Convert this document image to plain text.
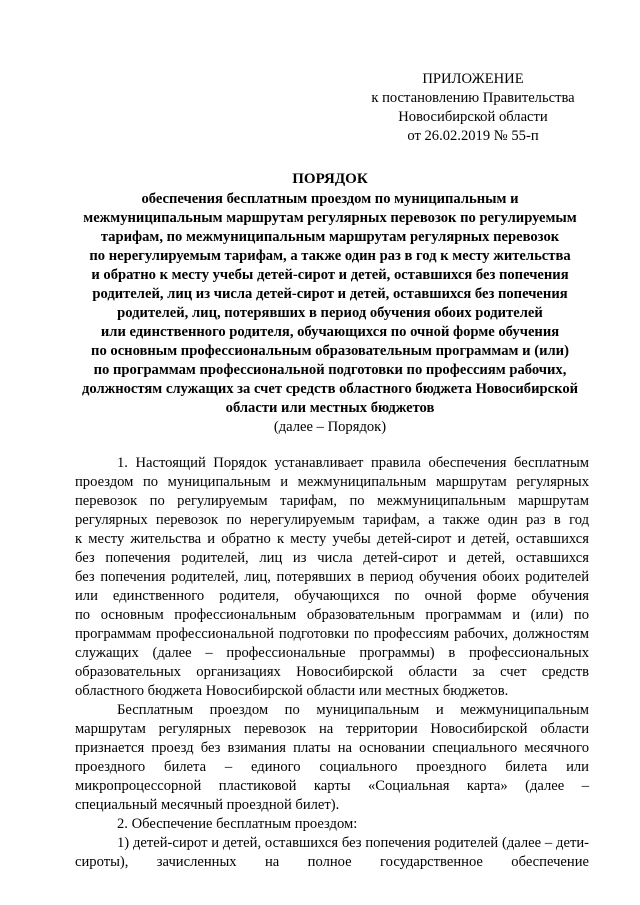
ПРИЛОЖЕНИЕ
к постановлению Правительства
Новосибирской области
от 26.02.2019 № 55-п
ПОРЯДОК
обеспечения бесплатным проездом по муниципальным и
межмуниципальным маршрутам регулярных перевозок по регулируемым
тарифам, по межмуниципальным маршрутам регулярных перевозок
по нерегулируемым тарифам, а также один раз в год к месту жительства
и обратно к месту учебы детей-сирот и детей, оставшихся без попечения
родителей, лиц из числа детей-сирот и детей, оставшихся без попечения
родителей, лиц, потерявших в период обучения обоих родителей
или единственного родителя, обучающихся по очной форме обучения
по основным профессиональным образовательным программам и (или)
по программам профессиональной подготовки по профессиям рабочих,
должностям служащих за счет средств областного бюджета Новосибирской
области или местных бюджетов
(далее – Порядок)
1. Настоящий Порядок устанавливает правила обеспечения бесплатным
проездом по муниципальным и межмуниципальным маршрутам регулярных
перевозок по регулируемым тарифам, по межмуниципальным маршрутам
регулярных перевозок по нерегулируемым тарифам, а также один раз в год
к месту жительства и обратно к месту учебы детей-сирот и детей, оставшихся
без попечения родителей, лиц из числа детей-сирот и детей, оставшихся
без попечения родителей, лиц, потерявших в период обучения обоих родителей
или единственного родителя, обучающихся по очной форме обучения
по основным профессиональным образовательным программам и (или) по
программам профессиональной подготовки по профессиям рабочих, должностям
служащих (далее – профессиональные программы) в профессиональных
образовательных организациях Новосибирской области за счет средств
областного бюджета Новосибирской области или местных бюджетов.
Бесплатным проездом по муниципальным и межмуниципальным
маршрутам регулярных перевозок на территории Новосибирской области
признается проезд без взимания платы на основании специального месячного
проездного билета – единого социального проездного билета или
микропроцессорной пластиковой карты «Социальная карта» (далее –
специальный месячный проездной билет).
2. Обеспечение бесплатным проездом:
1) детей-сирот и детей, оставшихся без попечения родителей (далее – дети-
сироты), зачисленных на полное государственное обеспечение
